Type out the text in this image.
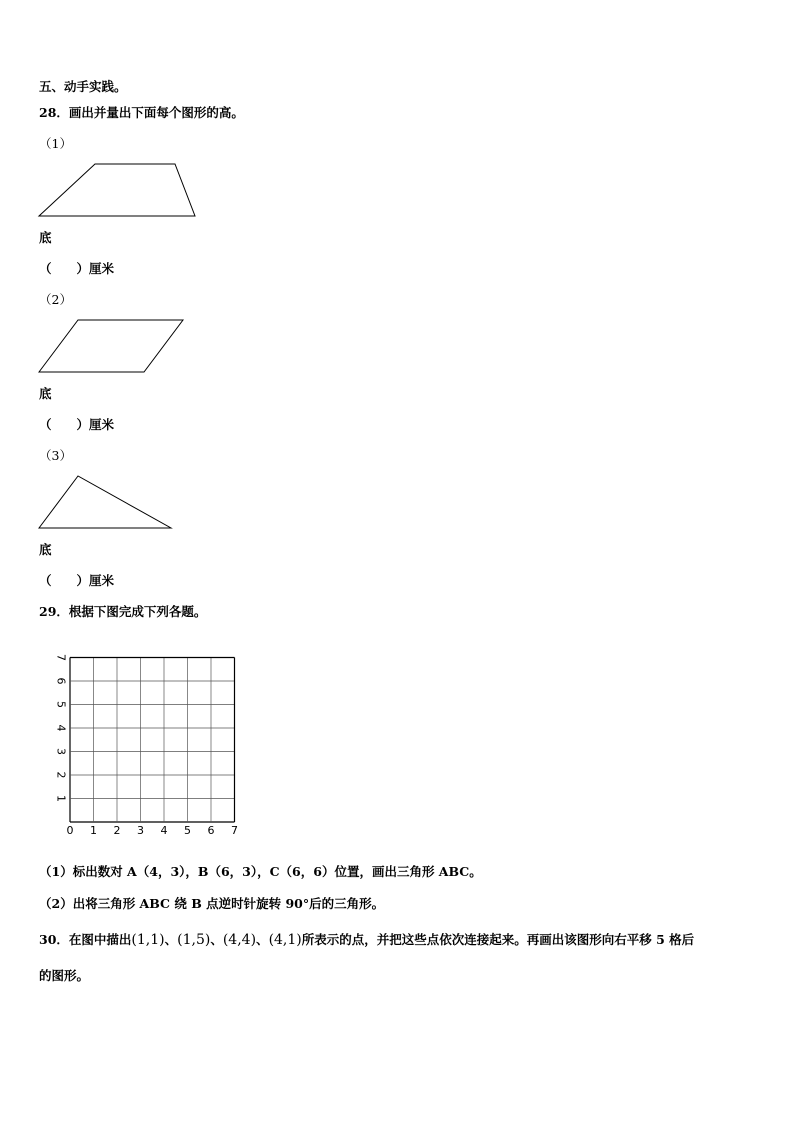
五、动手实践。
28．画出并量出下面每个图形的高。
（1）
底
（　　）厘米
（2）
底
（　　）厘米
（3）
底
（　　）厘米
29．根据下图完成下列各题。
0 1 2 3 4 5 6 7
1
2
3
4
5
6
7
（1）标出数对 A（4，3），B（6，3），C（6，6）位置，画出三角形 ABC。
（2）出将三角形 ABC 绕 B 点逆时针旋转 90°后的三角形。
30．在图中描出(1,1)、(1,5)、(4,4)、(4,1)所表示的点，并把这些点依次连接起来。再画出该图形向右平移 5 格后
的图形。
